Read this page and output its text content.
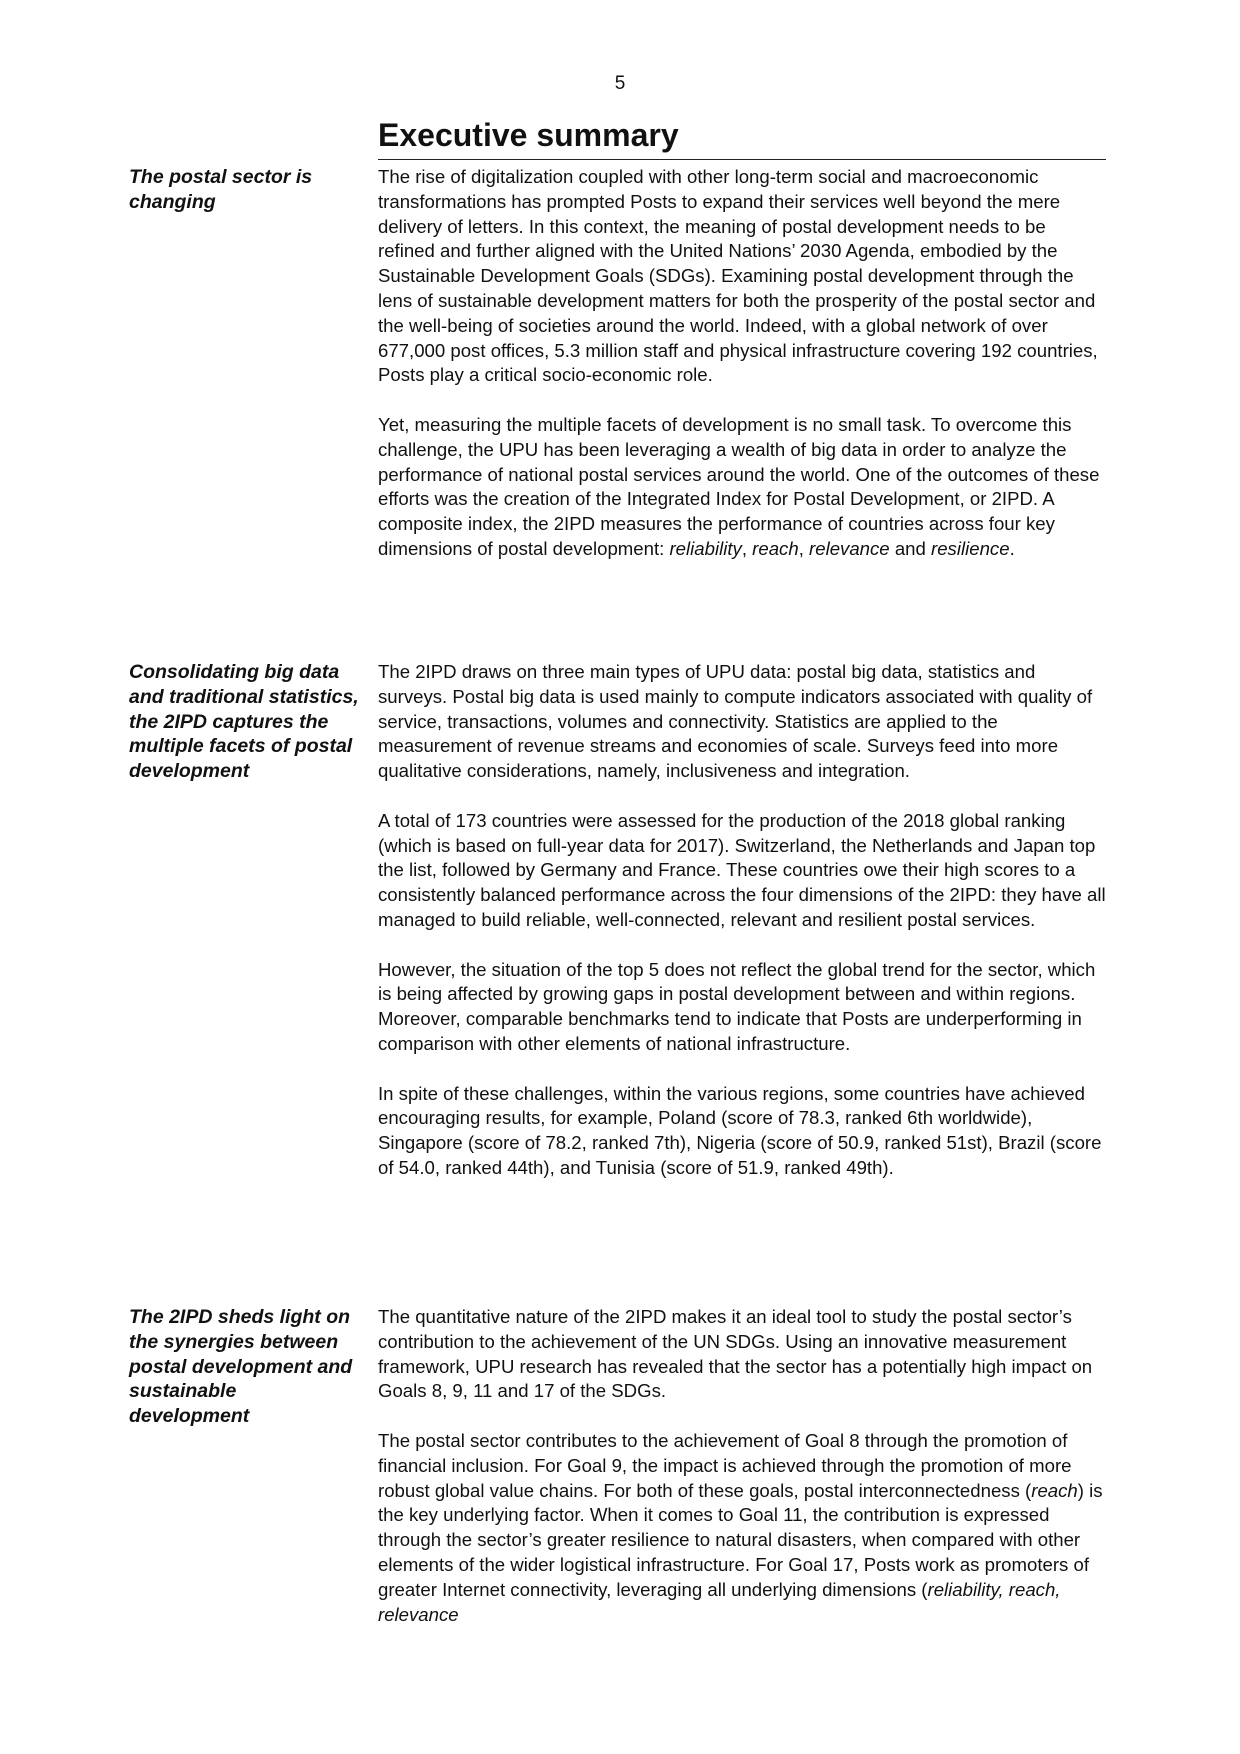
5
Executive summary

The postal sector is changing

The rise of digitalization coupled with other long-term social and macroeconomic transformations has prompted Posts to expand their services well beyond the mere delivery of letters. In this context, the meaning of postal development needs to be refined and further aligned with the United Nations’ 2030 Agenda, embodied by the Sustainable Development Goals (SDGs). Examining postal development through the lens of sustainable development matters for both the prosperity of the postal sector and the well-being of societies around the world. Indeed, with a global network of over 677,000 post offices, 5.3 million staff and physical infrastructure covering 192 countries, Posts play a critical socio-economic role.

Yet, measuring the multiple facets of development is no small task. To overcome this challenge, the UPU has been leveraging a wealth of big data in order to analyze the performance of national postal services around the world. One of the outcomes of these efforts was the creation of the Integrated Index for Postal Development, or 2IPD. A composite index, the 2IPD measures the performance of countries across four key dimensions of postal development: reliability, reach, relevance and resilience.

Consolidating big data and traditional statistics, the 2IPD captures the multiple facets of postal development

The 2IPD draws on three main types of UPU data: postal big data, statistics and surveys. Postal big data is used mainly to compute indicators associated with quality of service, transactions, volumes and connectivity. Statistics are applied to the measurement of revenue streams and economies of scale. Surveys feed into more qualitative considerations, namely, inclusiveness and integration.

A total of 173 countries were assessed for the production of the 2018 global ranking (which is based on full-year data for 2017). Switzerland, the Netherlands and Japan top the list, followed by Germany and France. These countries owe their high scores to a consistently balanced performance across the four dimensions of the 2IPD: they have all managed to build reliable, well-connected, relevant and resilient postal services.

However, the situation of the top 5 does not reflect the global trend for the sector, which is being affected by growing gaps in postal development between and within regions. Moreover, comparable benchmarks tend to indicate that Posts are underperforming in comparison with other elements of national infrastructure.

In spite of these challenges, within the various regions, some countries have achieved encouraging results, for example, Poland (score of 78.3, ranked 6th worldwide), Singapore (score of 78.2, ranked 7th), Nigeria (score of 50.9, ranked 51st), Brazil (score of 54.0, ranked 44th), and Tunisia (score of 51.9, ranked 49th).

The 2IPD sheds light on the synergies between postal development and sustainable development

The quantitative nature of the 2IPD makes it an ideal tool to study the postal sector’s contribution to the achievement of the UN SDGs. Using an innovative measurement framework, UPU research has revealed that the sector has a potentially high impact on Goals 8, 9, 11 and 17 of the SDGs.

The postal sector contributes to the achievement of Goal 8 through the promotion of financial inclusion. For Goal 9, the impact is achieved through the promotion of more robust global value chains. For both of these goals, postal interconnectedness (reach) is the key underlying factor. When it comes to Goal 11, the contribution is expressed through the sector’s greater resilience to natural disasters, when compared with other elements of the wider logistical infrastructure. For Goal 17, Posts work as promoters of greater Internet connectivity, leveraging all underlying dimensions (reliability, reach, relevance
